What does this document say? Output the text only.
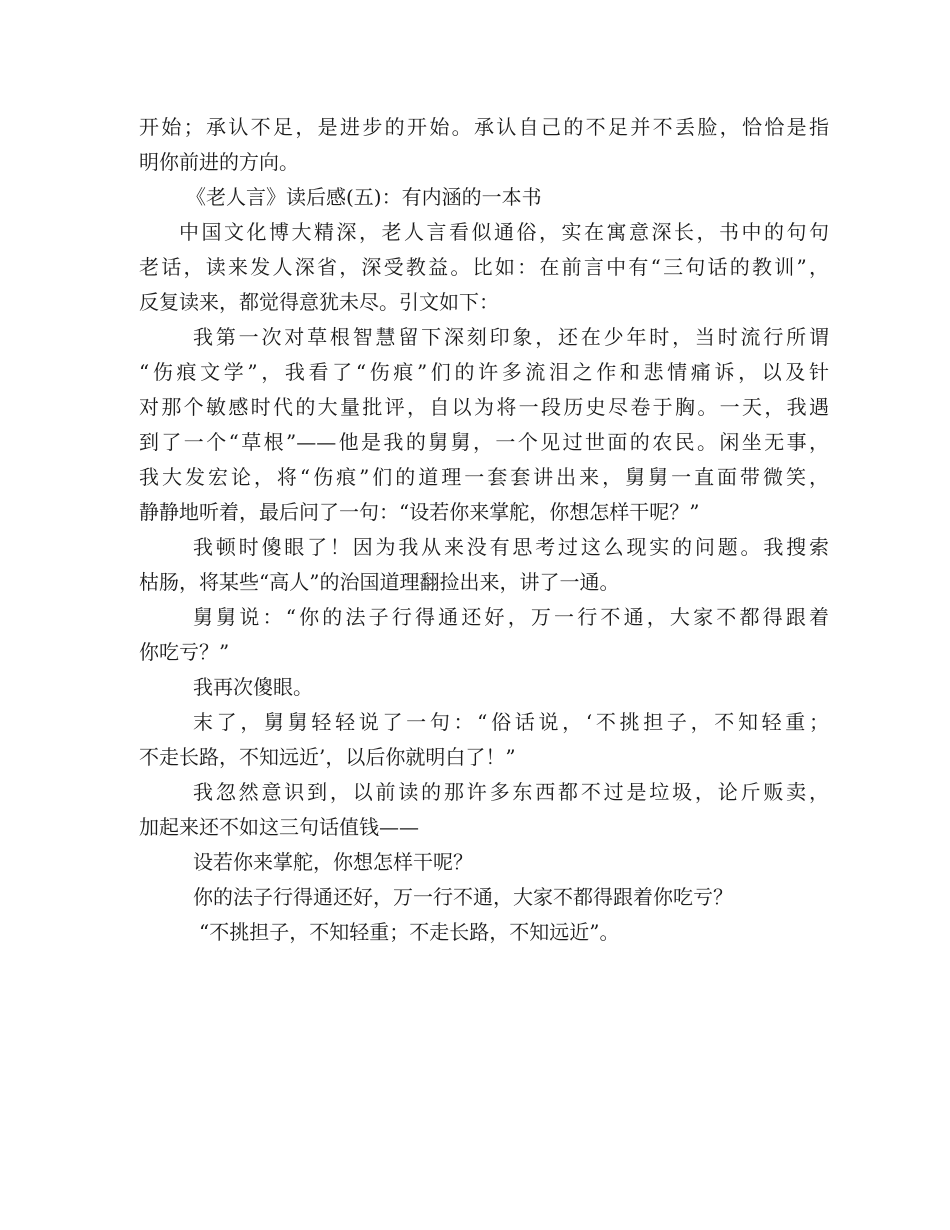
开始；承认不足，是进步的开始。承认自己的不足并不丢脸，恰恰是指
明你前进的方向。
《老人言》读后感(五)：有内涵的一本书
中国文化博大精深，老人言看似通俗，实在寓意深长，书中的句句
老话，读来发人深省，深受教益。比如：在前言中有“三句话的教训”，
反复读来，都觉得意犹未尽。引文如下：
我第一次对草根智慧留下深刻印象，还在少年时，当时流行所谓
“伤痕文学”，我看了“伤痕”们的许多流泪之作和悲情痛诉，以及针
对那个敏感时代的大量批评，自以为将一段历史尽卷于胸。一天，我遇
到了一个“草根”——他是我的舅舅，一个见过世面的农民。闲坐无事，
我大发宏论，将“伤痕”们的道理一套套讲出来，舅舅一直面带微笑，
静静地听着，最后问了一句：“设若你来掌舵，你想怎样干呢？”
我顿时傻眼了！因为我从来没有思考过这么现实的问题。我搜索
枯肠，将某些“高人”的治国道理翻捡出来，讲了一通。
舅舅说：“你的法子行得通还好，万一行不通，大家不都得跟着
你吃亏？”
我再次傻眼。
末了，舅舅轻轻说了一句：“俗话说，‘不挑担子，不知轻重；
不走长路，不知远近’，以后你就明白了！”
我忽然意识到，以前读的那许多东西都不过是垃圾，论斤贩卖，
加起来还不如这三句话值钱——
设若你来掌舵，你想怎样干呢？
你的法子行得通还好，万一行不通，大家不都得跟着你吃亏？
“不挑担子，不知轻重；不走长路，不知远近”。
